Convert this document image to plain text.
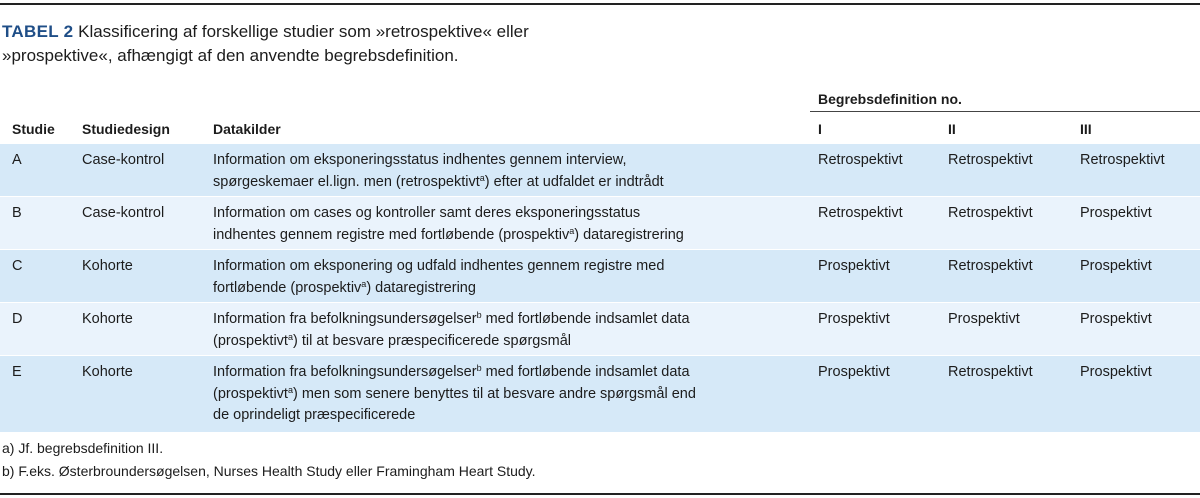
TABEL 2 Klassificering af forskellige studier som »retrospektive« eller
»prospektive«, afhængigt af den anvendte begrebsdefinition.
Begrebsdefinition no.
Studie Studiedesign	Datakilder	I	II	III
A	Case-kontrol	Information om eksponeringsstatus indhentes gennem interview,
spørgeskemaer el.lign. men (retrospektivt$^a$) efter at udfaldet er indtrådt
Retrospektivt	Retrospektivt	Retrospektivt
B	Case-kontrol	Information om cases og kontroller samt deres eksponeringsstatus
indhentes gennem registre med fortløbende (prospektiv$^a$) dataregistrering
Retrospektivt	Retrospektivt	Prospektivt
C	Kohorte	Information om eksponering og udfald indhentes gennem registre med
fortløbende (prospektiv$^a$) dataregistrering
Prospektivt	Retrospektivt	Prospektivt
D	Kohorte	Information fra befolkningsundersøgelser$^b$ med fortløbende indsamlet data
(prospektivt$^a$) til at besvare præspecificerede spørgsmål
Prospektivt	Prospektivt	Prospektivt
E	Kohorte	Information fra befolkningsundersøgelser$^b$ med fortløbende indsamlet data
(prospektivt$^a$) men som senere benyttes til at besvare andre spørgsmål end
de oprindeligt præspecificerede
Prospektivt	Retrospektivt	Prospektivt
a) Jf. begrebsdefinition III.
b) F.eks. Østerbroundersøgelsen, Nurses Health Study eller Framingham Heart Study.
